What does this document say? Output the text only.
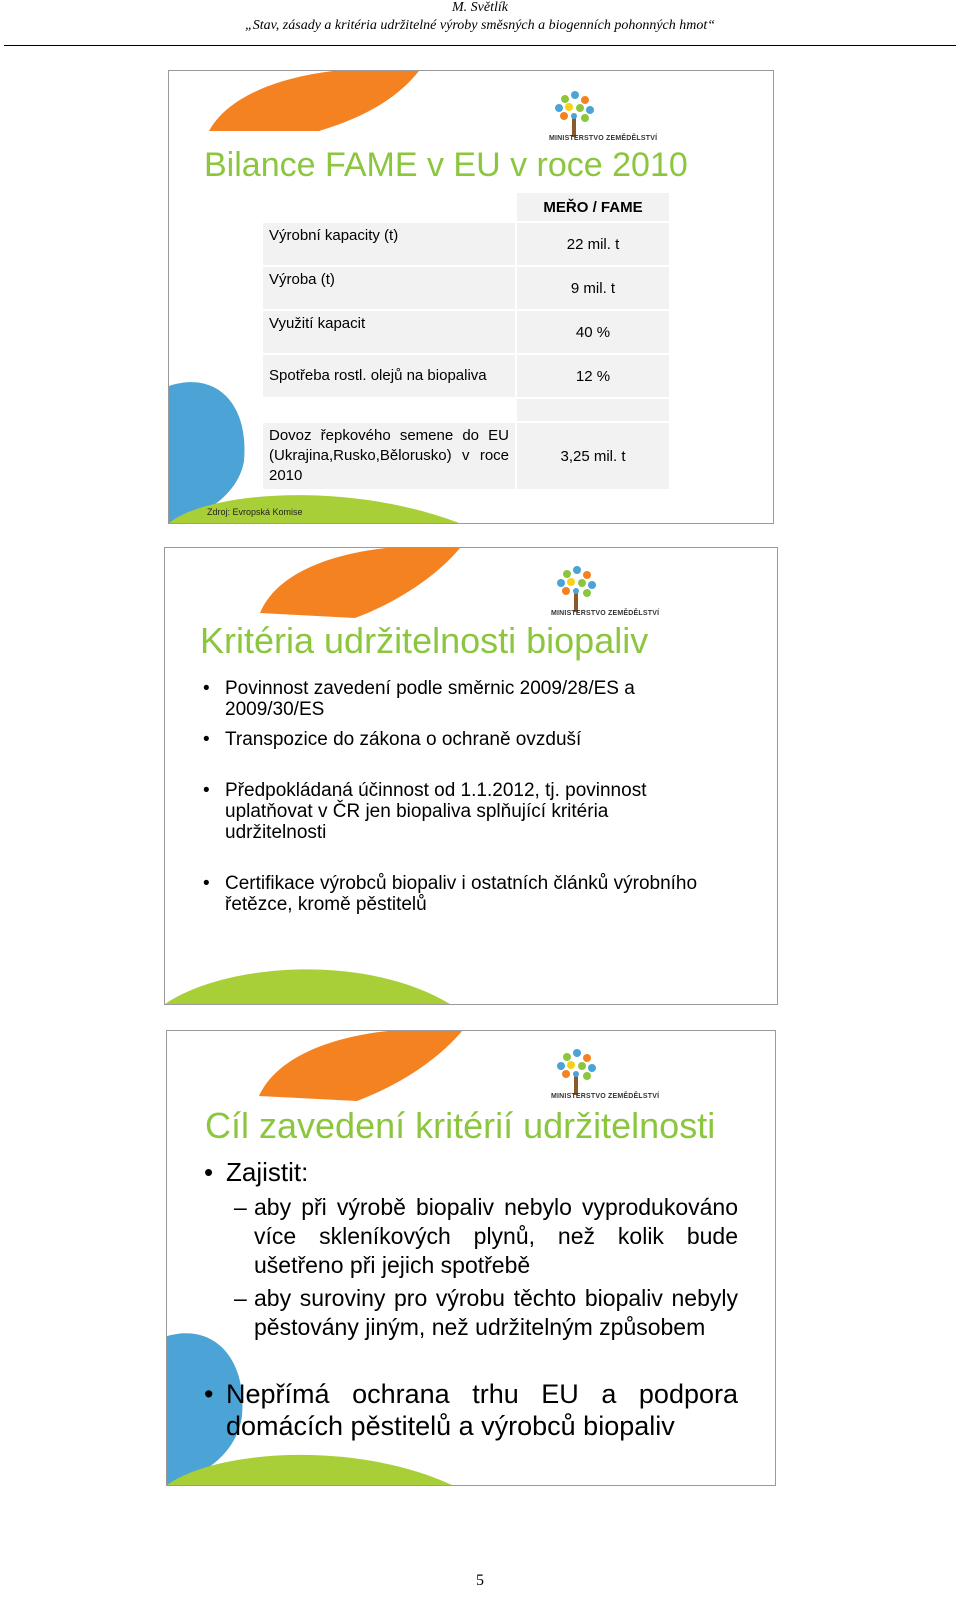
M. Světlík
„Stav, zásady a kritéria udržitelné výroby směsných a biogenních pohonných hmot“
MINISTERSTVO ZEMĚDĚLSTVÍ
Bilance FAME v EU v roce 2010
	MEŘO / FAME
Výrobní kapacity (t)	22 mil. t
Výroba (t)	9 mil. t
Využití kapacit	40 %
Spotřeba rostl. olejů na biopaliva	12 %

Dovoz řepkového semene do EU (Ukrajina,Rusko,Bělorusko) v roce 2010	3,25 mil. t
Zdroj: Evropská Komise
MINISTERSTVO ZEMĚDĚLSTVÍ
Kritéria udržitelnosti biopaliv
• Povinnost zavedení podle směrnic 2009/28/ES a 2009/30/ES
• Transpozice do zákona o ochraně ovzduší
• Předpokládaná účinnost od 1.1.2012, tj. povinnost uplatňovat v ČR jen biopaliva splňující kritéria udržitelnosti
• Certifikace výrobců biopaliv i ostatních článků výrobního řetězce, kromě pěstitelů
MINISTERSTVO ZEMĚDĚLSTVÍ
Cíl zavedení kritérií udržitelnosti
• Zajistit:
– aby při výrobě biopaliv nebylo vyprodukováno více skleníkových plynů, než kolik bude ušetřeno při jejich spotřebě
– aby suroviny pro výrobu těchto biopaliv nebyly pěstovány jiným, než udržitelným způsobem
• Nepřímá ochrana trhu EU a podpora domácích pěstitelů a výrobců biopaliv
5
